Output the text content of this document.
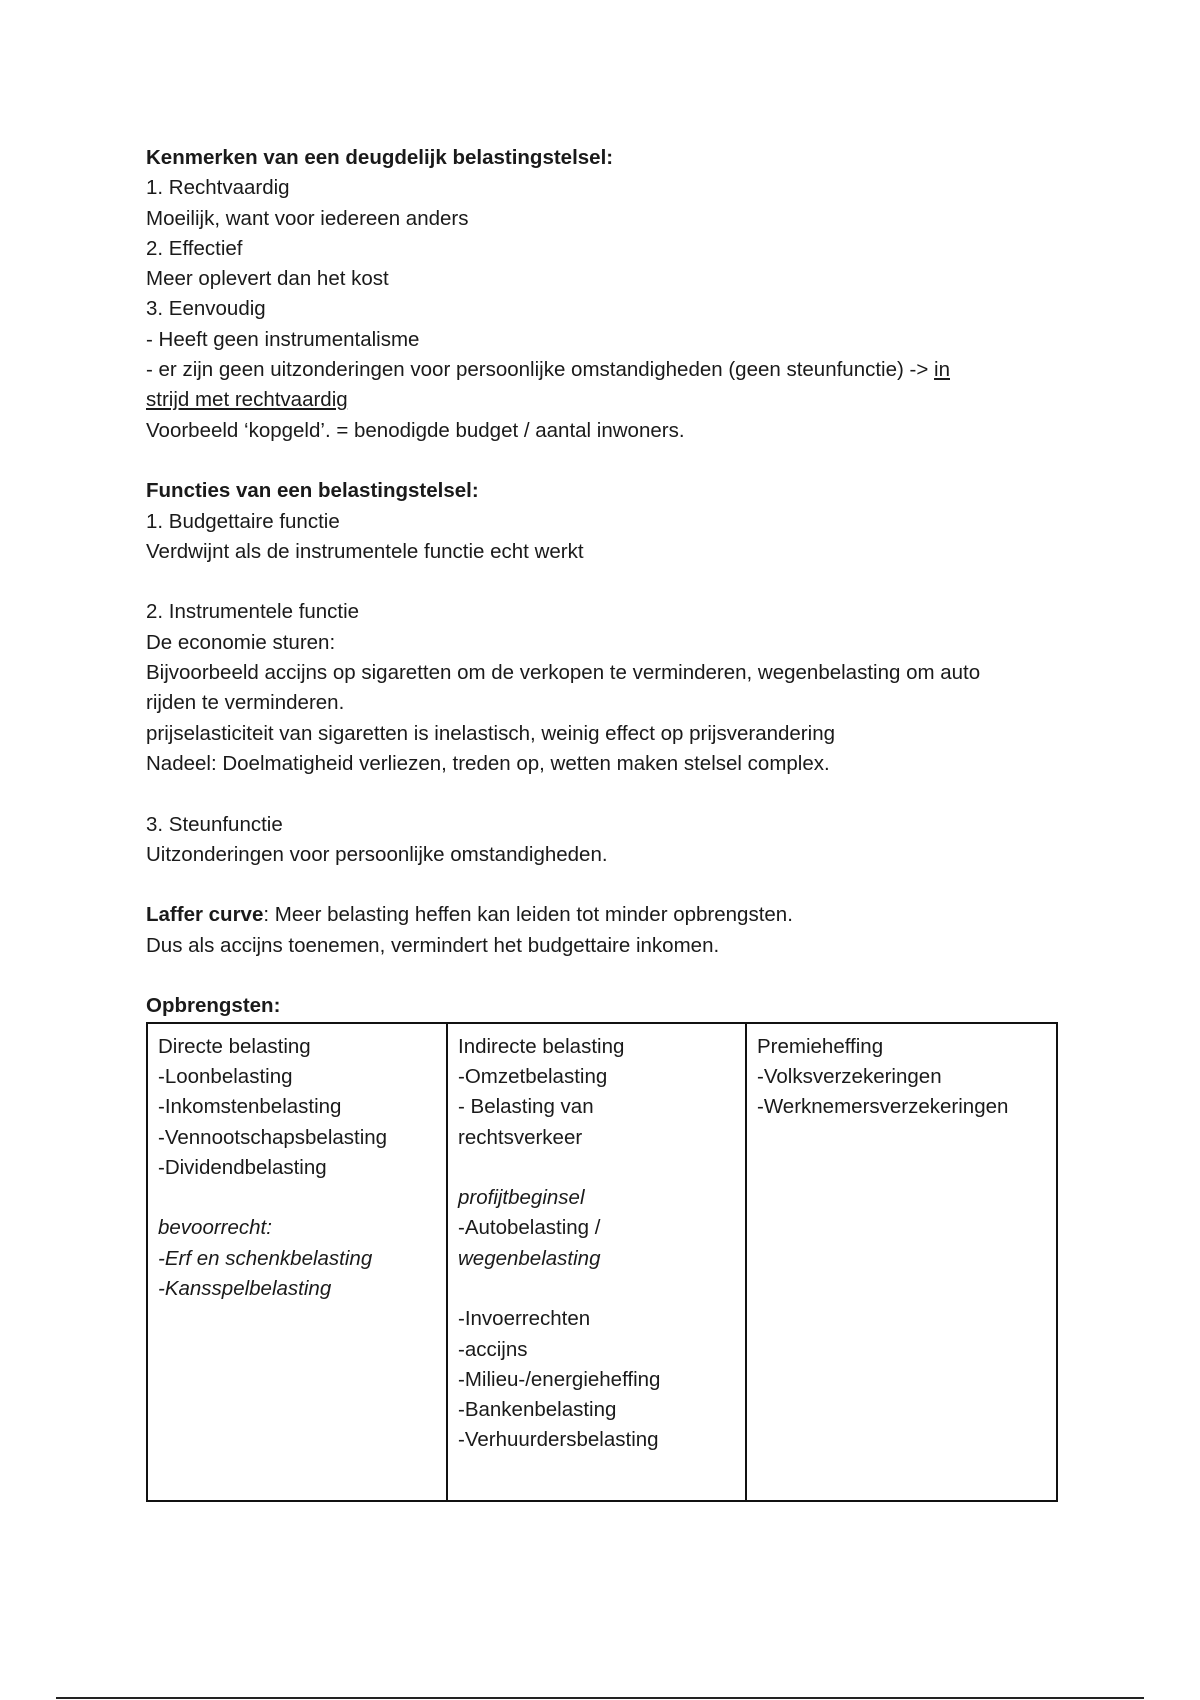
Kenmerken van een deugdelijk belastingstelsel:
1. Rechtvaardig
Moeilijk, want voor iedereen anders
2. Effectief
Meer oplevert dan het kost
3. Eenvoudig
- Heeft geen instrumentalisme
- er zijn geen uitzonderingen voor persoonlijke omstandigheden (geen steunfunctie) -> in
strijd met rechtvaardig
Voorbeeld ‘kopgeld’. = benodigde budget / aantal inwoners.
Functies van een belastingstelsel:
1. Budgettaire functie
Verdwijnt als de instrumentele functie echt werkt
2. Instrumentele functie
De economie sturen:
Bijvoorbeeld accijns op sigaretten om de verkopen te verminderen, wegenbelasting om auto
rijden te verminderen.
prijselasticiteit van sigaretten is inelastisch, weinig effect op prijsverandering
Nadeel: Doelmatigheid verliezen, treden op, wetten maken stelsel complex.
3. Steunfunctie
Uitzonderingen voor persoonlijke omstandigheden.
Laffer curve: Meer belasting heffen kan leiden tot minder opbrengsten.
Dus als accijns toenemen, vermindert het budgettaire inkomen.
Opbrengsten:
Directe belasting
-Loonbelasting
-Inkomstenbelasting
-Vennootschapsbelasting
-Dividendbelasting
bevoorrecht:
-Erf en schenkbelasting
-Kansspelbelasting

Indirecte belasting
-Omzetbelasting
- Belasting van
rechtsverkeer
profijtbeginsel
-Autobelasting /
wegenbelasting
-Invoerrechten
-accijns
-Milieu-/energieheffing
-Bankenbelasting
-Verhuurdersbelasting

Premieheffing
-Volksverzekeringen
-Werknemersverzekeringen
